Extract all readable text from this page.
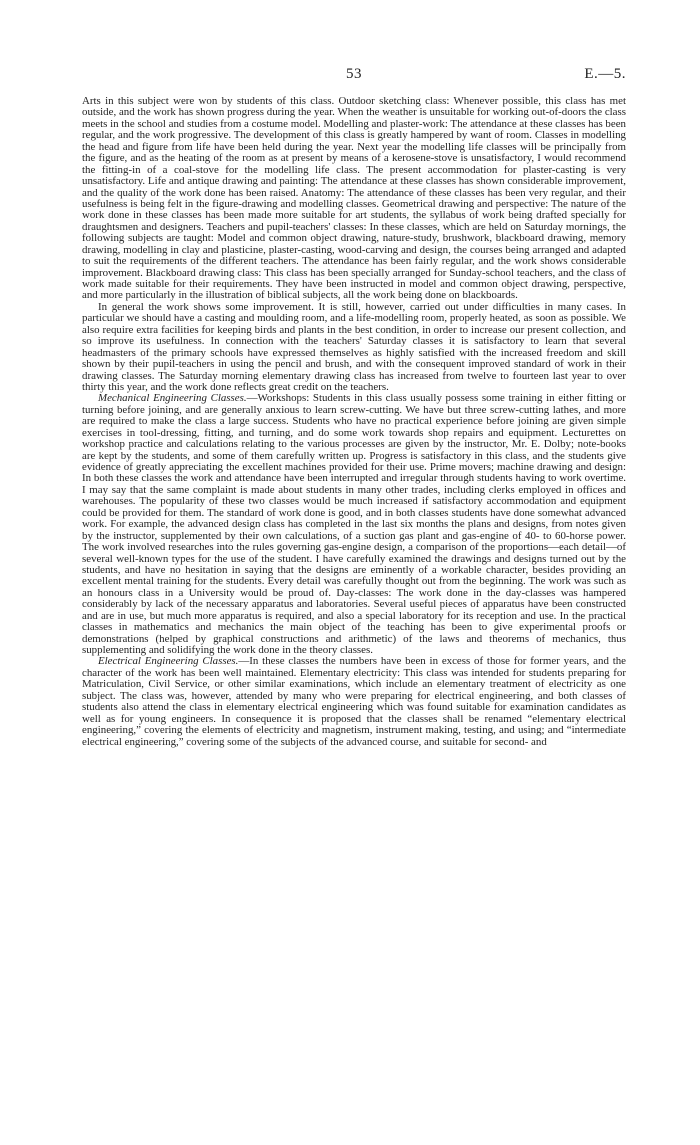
53	E.—5.

Arts in this subject were won by students of this class. Outdoor sketching class: Whenever possible, this class has met outside, and the work has shown progress during the year. When the weather is unsuitable for working out-of-doors the class meets in the school and studies from a costume model. Modelling and plaster-work: The attendance at these classes has been regular, and the work progressive. The development of this class is greatly hampered by want of room. Classes in modelling the head and figure from life have been held during the year. Next year the modelling life classes will be principally from the figure, and as the heating of the room as at present by means of a kerosene-stove is unsatisfactory, I would recommend the fitting-in of a coal-stove for the modelling life class. The present accommodation for plaster-casting is very unsatisfactory. Life and antique drawing and painting: The attendance at these classes has shown considerable improvement, and the quality of the work done has been raised. Anatomy: The attendance of these classes has been very regular, and their usefulness is being felt in the figure-drawing and modelling classes. Geometrical drawing and perspective: The nature of the work done in these classes has been made more suitable for art students, the syllabus of work being drafted specially for draughtsmen and designers. Teachers and pupil-teachers' classes: In these classes, which are held on Saturday mornings, the following subjects are taught: Model and common object drawing, nature-study, brushwork, blackboard drawing, memory drawing, modelling in clay and plasticine, plaster-casting, wood-carving and design, the courses being arranged and adapted to suit the requirements of the different teachers. The attendance has been fairly regular, and the work shows considerable improvement. Blackboard drawing class: This class has been specially arranged for Sunday-school teachers, and the class of work made suitable for their requirements. They have been instructed in model and common object drawing, perspective, and more particularly in the illustration of biblical subjects, all the work being done on blackboards.

In general the work shows some improvement. It is still, however, carried out under difficulties in many cases. In particular we should have a casting and moulding room, and a life-modelling room, properly heated, as soon as possible. We also require extra facilities for keeping birds and plants in the best condition, in order to increase our present collection, and so improve its usefulness. In connection with the teachers' Saturday classes it is satisfactory to learn that several headmasters of the primary schools have expressed themselves as highly satisfied with the increased freedom and skill shown by their pupil-teachers in using the pencil and brush, and with the consequent improved standard of work in their drawing classes. The Saturday morning elementary drawing class has increased from twelve to fourteen last year to over thirty this year, and the work done reflects great credit on the teachers.

Mechanical Engineering Classes.—Workshops: Students in this class usually possess some training in either fitting or turning before joining, and are generally anxious to learn screw-cutting. We have but three screw-cutting lathes, and more are required to make the class a large success. Students who have no practical experience before joining are given simple exercises in tool-dressing, fitting, and turning, and do some work towards shop repairs and equipment. Lecturettes on workshop practice and calculations relating to the various processes are given by the instructor, Mr. E. Dolby; note-books are kept by the students, and some of them carefully written up. Progress is satisfactory in this class, and the students give evidence of greatly appreciating the excellent machines provided for their use. Prime movers; machine drawing and design: In both these classes the work and attendance have been interrupted and irregular through students having to work overtime. I may say that the same complaint is made about students in many other trades, including clerks employed in offices and warehouses. The popularity of these two classes would be much increased if satisfactory accommodation and equipment could be provided for them. The standard of work done is good, and in both classes students have done somewhat advanced work. For example, the advanced design class has completed in the last six months the plans and designs, from notes given by the instructor, supplemented by their own calculations, of a suction gas plant and gas-engine of 40- to 60-horse power. The work involved researches into the rules governing gas-engine design, a comparison of the proportions—each detail—of several well-known types for the use of the student. I have carefully examined the drawings and designs turned out by the students, and have no hesitation in saying that the designs are eminently of a workable character, besides providing an excellent mental training for the students. Every detail was carefully thought out from the beginning. The work was such as an honours class in a University would be proud of. Day-classes: The work done in the day-classes was hampered considerably by lack of the necessary apparatus and laboratories. Several useful pieces of apparatus have been constructed and are in use, but much more apparatus is required, and also a special laboratory for its reception and use. In the practical classes in mathematics and mechanics the main object of the teaching has been to give experimental proofs or demonstrations (helped by graphical constructions and arithmetic) of the laws and theorems of mechanics, thus supplementing and solidifying the work done in the theory classes.

Electrical Engineering Classes.—In these classes the numbers have been in excess of those for former years, and the character of the work has been well maintained. Elementary electricity: This class was intended for students preparing for Matriculation, Civil Service, or other similar examinations, which include an elementary treatment of electricity as one subject. The class was, however, attended by many who were preparing for electrical engineering, and both classes of students also attend the class in elementary electrical engineering which was found suitable for examination candidates as well as for young engineers. In consequence it is proposed that the classes shall be renamed “elementary electrical engineering,” covering the elements of electricity and magnetism, instrument making, testing, and using; and “intermediate electrical engineering,” covering some of the subjects of the advanced course, and suitable for second- and
